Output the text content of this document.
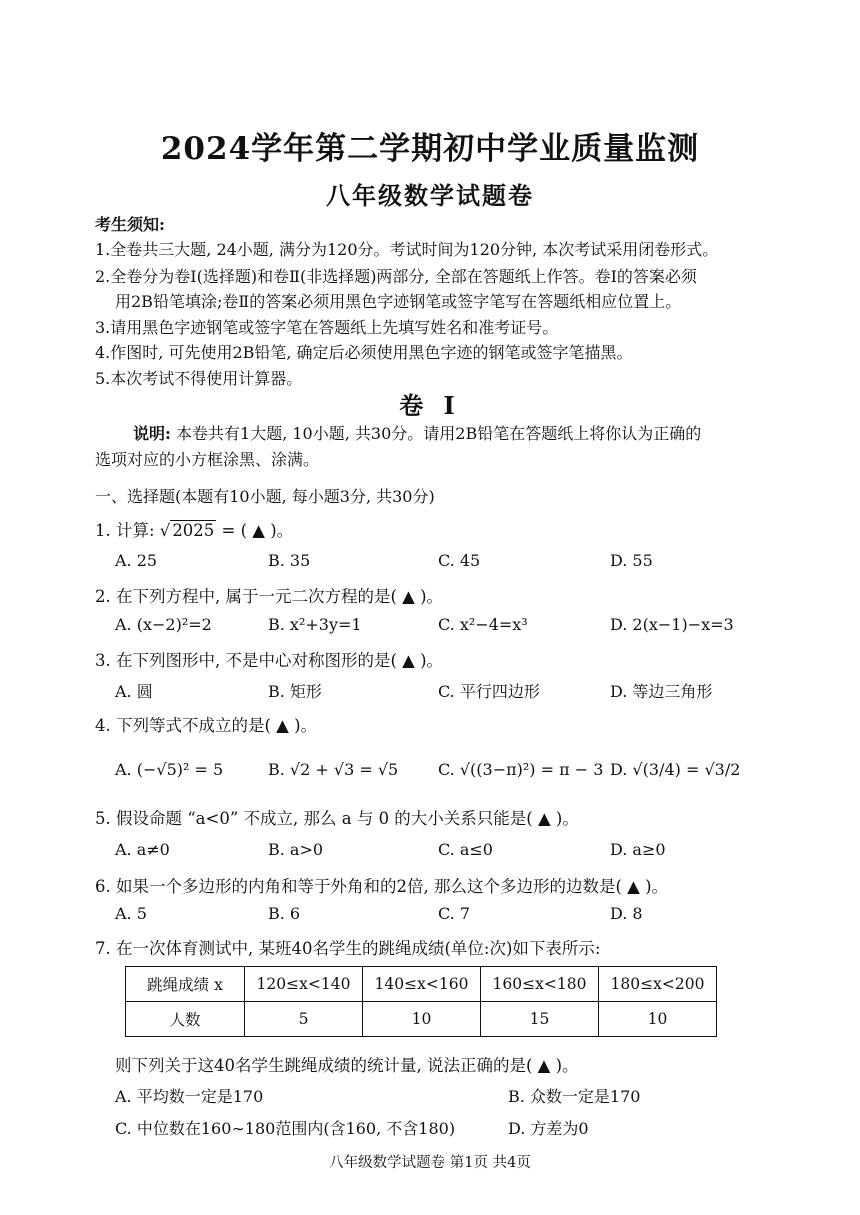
2024学年第二学期初中学业质量监测
八年级数学试题卷
考生须知:
1.全卷共三大题, 24小题, 满分为120分。考试时间为120分钟, 本次考试采用闭卷形式。
2.全卷分为卷Ⅰ(选择题)和卷Ⅱ(非选择题)两部分, 全部在答题纸上作答。卷Ⅰ的答案必须
用2B铅笔填涂;卷Ⅱ的答案必须用黑色字迹钢笔或签字笔写在答题纸相应位置上。
3.请用黑色字迹钢笔或签字笔在答题纸上先填写姓名和准考证号。
4.作图时, 可先使用2B铅笔, 确定后必须使用黑色字迹的钢笔或签字笔描黑。
5.本次考试不得使用计算器。
卷 Ⅰ
说明: 本卷共有1大题, 10小题, 共30分。请用2B铅笔在答题纸上将你认为正确的
选项对应的小方框涂黑、涂满。
一、选择题(本题有10小题, 每小题3分, 共30分)
1. 计算: √ 2025 = ( ▲ )。
A. 25	B. 35	C. 45	D. 55
2. 在下列方程中, 属于一元二次方程的是( ▲ )。
A. (x−2)²=2	B. x²+3y=1	C. x²−4=x³	D. 2(x−1)−x=3
3. 在下列图形中, 不是中心对称图形的是( ▲ )。
A. 圆	B. 矩形	C. 平行四边形	D. 等边三角形
4. 下列等式不成立的是( ▲ )。
A. (−√5)² = 5	B. √2 + √3 = √5 C. √((3−π)²) = π − 3 D. √(3/4) = √3/2
5. 假设命题 “a<0” 不成立, 那么 a 与 0 的大小关系只能是( ▲ )。
A. a≠0	B. a>0	C. a≤0	D. a≥0
6. 如果一个多边形的内角和等于外角和的2倍, 那么这个多边形的边数是( ▲ )。
A. 5	B. 6	C. 7	D. 8
7. 在一次体育测试中, 某班40名学生的跳绳成绩(单位:次)如下表所示:
跳绳成绩 x	120≤x<140	140≤x<160	160≤x<180	180≤x<200
人数	5	10	15	10
则下列关于这40名学生跳绳成绩的统计量, 说法正确的是( ▲ )。
A. 平均数一定是170	B. 众数一定是170
C. 中位数在160∼180范围内(含160, 不含180)	D. 方差为0
八年级数学试题卷 第1页 共4页
